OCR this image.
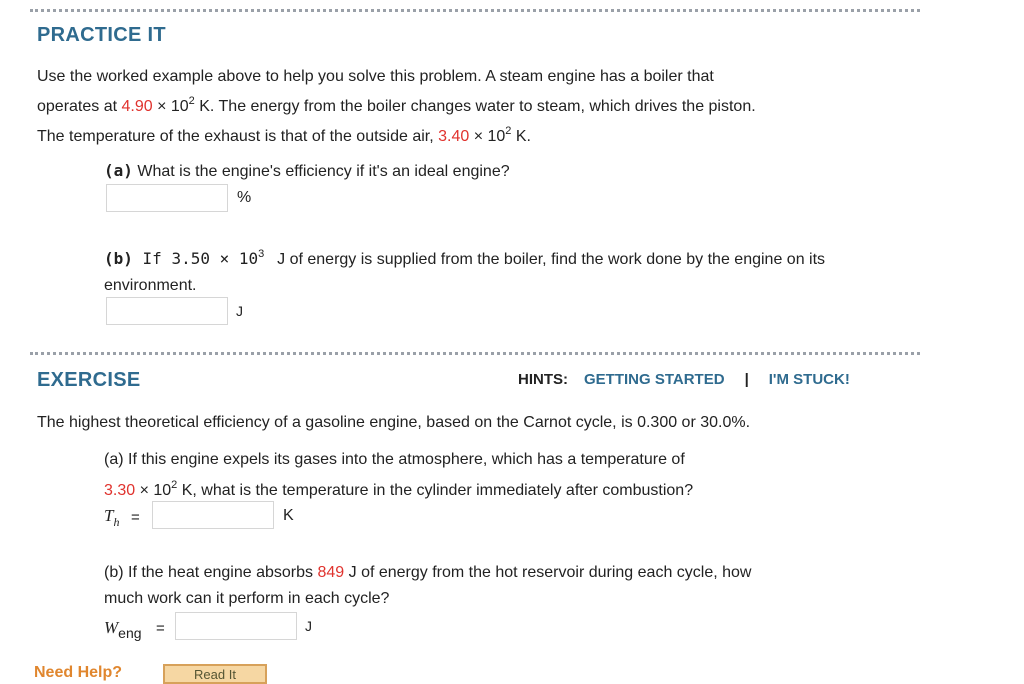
PRACTICE IT
Use the worked example above to help you solve this problem. A steam engine has a boiler that
operates at $4.90 \times 10^2$ K. The energy from the boiler changes water to steam, which drives the piston.
The temperature of the exhaust is that of the outside air, $3.40 \times 10^2$ K.
(a) What is the engine's efficiency if it's an ideal engine?
%
(b) If $3.50 \times 10^3$  J of energy is supplied from the boiler, find the work done by the engine on its
environment.
J
EXERCISE	HINTS: GETTING STARTED | I'M STUCK!
The highest theoretical efficiency of a gasoline engine, based on the Carnot cycle, is 0.300 or 30.0%.
(a) If this engine expels its gases into the atmosphere, which has a temperature of
$3.30 \times 10^2$ K, what is the temperature in the cylinder immediately after combustion?
$T_h$ =	K
(b) If the heat engine absorbs 849 J of energy from the hot reservoir during each cycle, how
much work can it perform in each cycle?
$W_{eng}$ =	J
Need Help?	Read It
